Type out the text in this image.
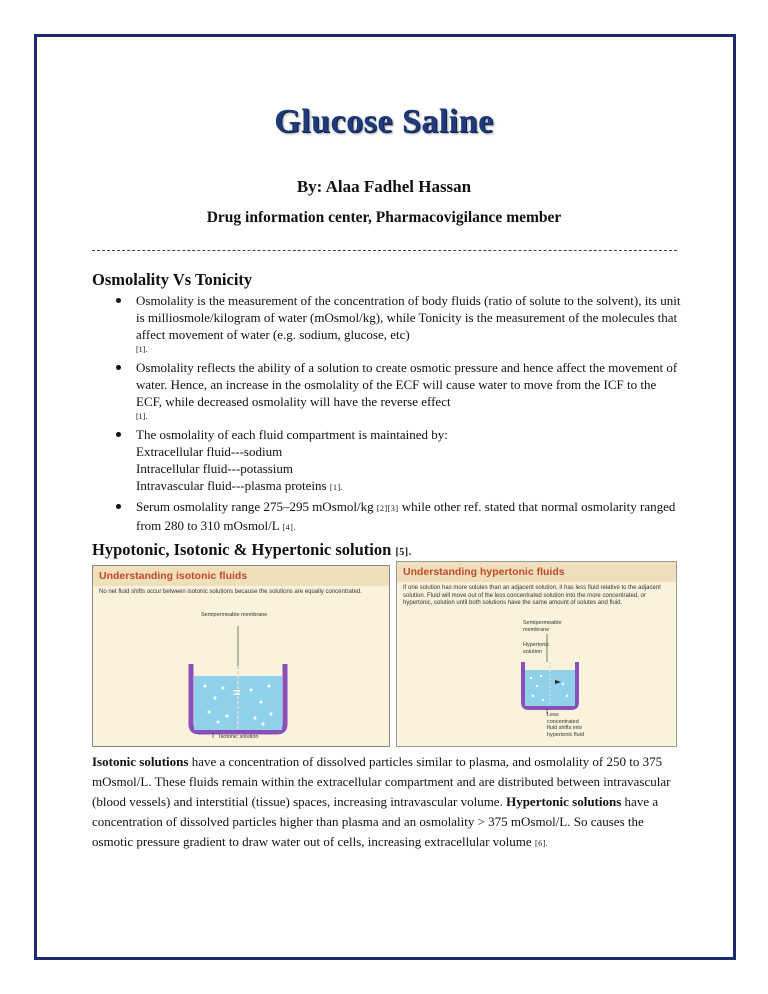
Glucose Saline
By: Alaa Fadhel Hassan
Drug information center, Pharmacovigilance member
Osmolality Vs Tonicity
Osmolality is the measurement of the concentration of body fluids (ratio of solute to the solvent), its unit is milliosmole/kilogram of water (mOsmol/kg), while Tonicity is the measurement of the molecules that affect movement of water (e.g. sodium, glucose, etc)
[1].
Osmolality reflects the ability of a solution to create osmotic pressure and hence affect the movement of water. Hence, an increase in the osmolality of the ECF will cause water to move from the ICF to the ECF, while decreased osmolality will have the reverse effect
[1].
The osmolality of each fluid compartment is maintained by:
Extracellular fluid---sodium
Intracellular fluid---potassium
Intravascular fluid---plasma proteins [1].
Serum osmolality range 275–295 mOsmol/kg [2][3] while other ref. stated that normal osmolarity ranged from 280 to 310 mOsmol/L [4].
Hypotonic, Isotonic & Hypertonic solution [5].
Understanding isotonic fluids
No net fluid shifts occur between isotonic solutions because the solutions are equally concentrated.
Semipermeable membrane
=
Isotonic solution
Understanding hypertonic fluids
If one solution has more solutes than an adjacent solution, it has less fluid relative to the adjacent solution. Fluid will move out of the less concentrated solution into the more concentrated, or hypertonic, solution until both solutions have the same amount of solutes and fluid.
Semipermeable membrane
Hypertonic solution
Less concentrated fluid shifts into hypertonic fluid
Isotonic solutions have a concentration of dissolved particles similar to plasma, and osmolality of 250 to 375 mOsmol/L. These fluids remain within the extracellular compartment and are distributed between intravascular (blood vessels) and interstitial (tissue) spaces, increasing intravascular volume. Hypertonic solutions have a concentration of dissolved particles higher than plasma and an osmolality > 375 mOsmol/L. So causes the osmotic pressure gradient to draw water out of cells, increasing extracellular volume [6].
